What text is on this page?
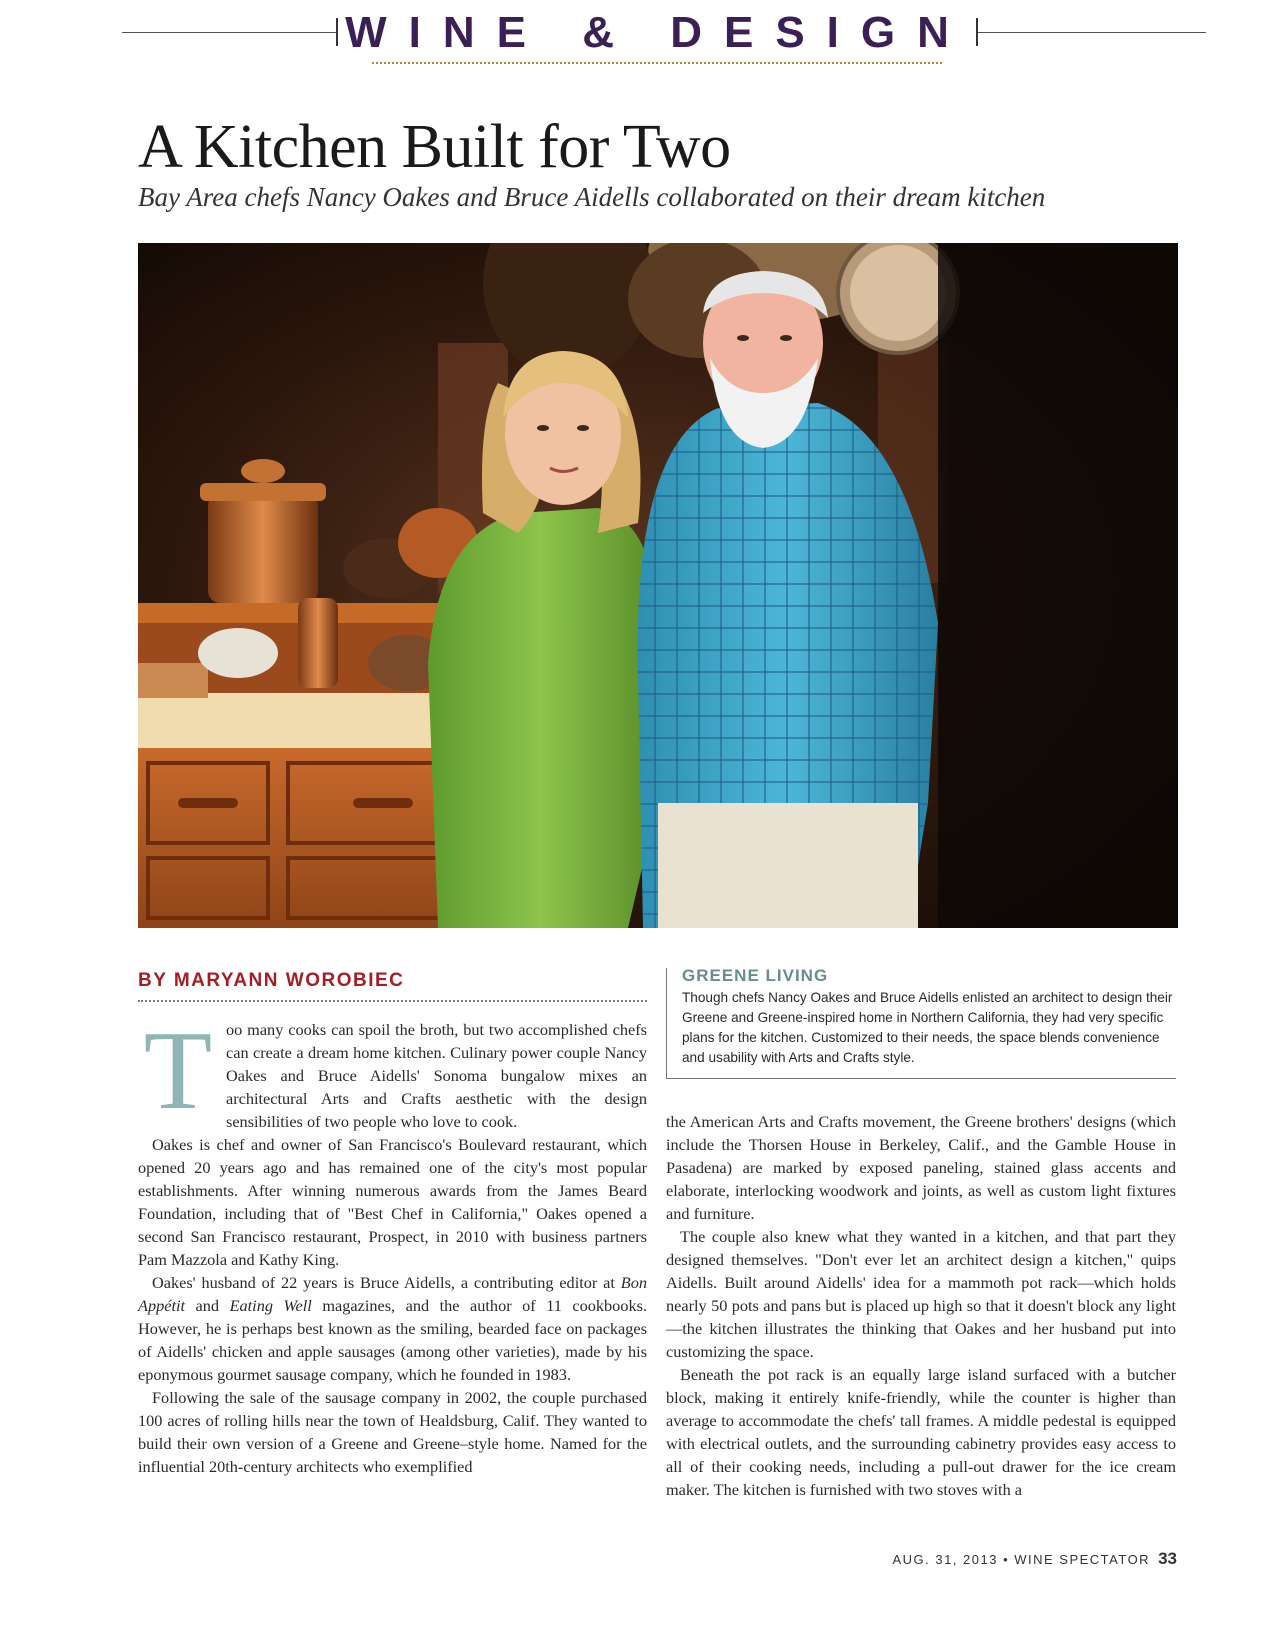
WINE & DESIGN
A Kitchen Built for Two
Bay Area chefs Nancy Oakes and Bruce Aidells collaborated on their dream kitchen
BY MARYANN WOROBIEC
T oo many cooks can spoil the broth, but two accomplished chefs can create a dream home kitchen. Culinary power couple Nancy Oakes and Bruce Aidells' Sonoma bungalow mixes an architectural Arts and Crafts aesthetic with the design sensibilities of two people who love to cook.

Oakes is chef and owner of San Francisco's Boulevard restaurant, which opened 20 years ago and has remained one of the city's most popular establishments. After winning numerous awards from the James Beard Foundation, including that of "Best Chef in California," Oakes opened a second San Francisco restaurant, Prospect, in 2010 with business partners Pam Mazzola and Kathy King.

Oakes' husband of 22 years is Bruce Aidells, a contributing editor at Bon Appétit and Eating Well magazines, and the author of 11 cookbooks. However, he is perhaps best known as the smiling, bearded face on packages of Aidells' chicken and apple sausages (among other varieties), made by his eponymous gourmet sausage company, which he founded in 1983.

Following the sale of the sausage company in 2002, the couple purchased 100 acres of rolling hills near the town of Healdsburg, Calif. They wanted to build their own version of a Greene and Greene–style home. Named for the influential 20th-century architects who exemplified

GREENE LIVING
Though chefs Nancy Oakes and Bruce Aidells enlisted an architect to design their Greene and Greene-inspired home in Northern California, they had very specific plans for the kitchen. Customized to their needs, the space blends convenience and usability with Arts and Crafts style.

the American Arts and Crafts movement, the Greene brothers' designs (which include the Thorsen House in Berkeley, Calif., and the Gamble House in Pasadena) are marked by exposed paneling, stained glass accents and elaborate, interlocking woodwork and joints, as well as custom light fixtures and furniture.

The couple also knew what they wanted in a kitchen, and that part they designed themselves. "Don't ever let an architect design a kitchen," quips Aidells. Built around Aidells' idea for a mammoth pot rack—which holds nearly 50 pots and pans but is placed up high so that it doesn't block any light—the kitchen illustrates the thinking that Oakes and her husband put into customizing the space.

Beneath the pot rack is an equally large island surfaced with a butcher block, making it entirely knife-friendly, while the counter is higher than average to accommodate the chefs' tall frames. A middle pedestal is equipped with electrical outlets, and the surrounding cabinetry provides easy access to all of their cooking needs, including a pull-out drawer for the ice cream maker. The kitchen is furnished with two stoves with a

AUG. 31, 2013 • WINE SPECTATOR 33
